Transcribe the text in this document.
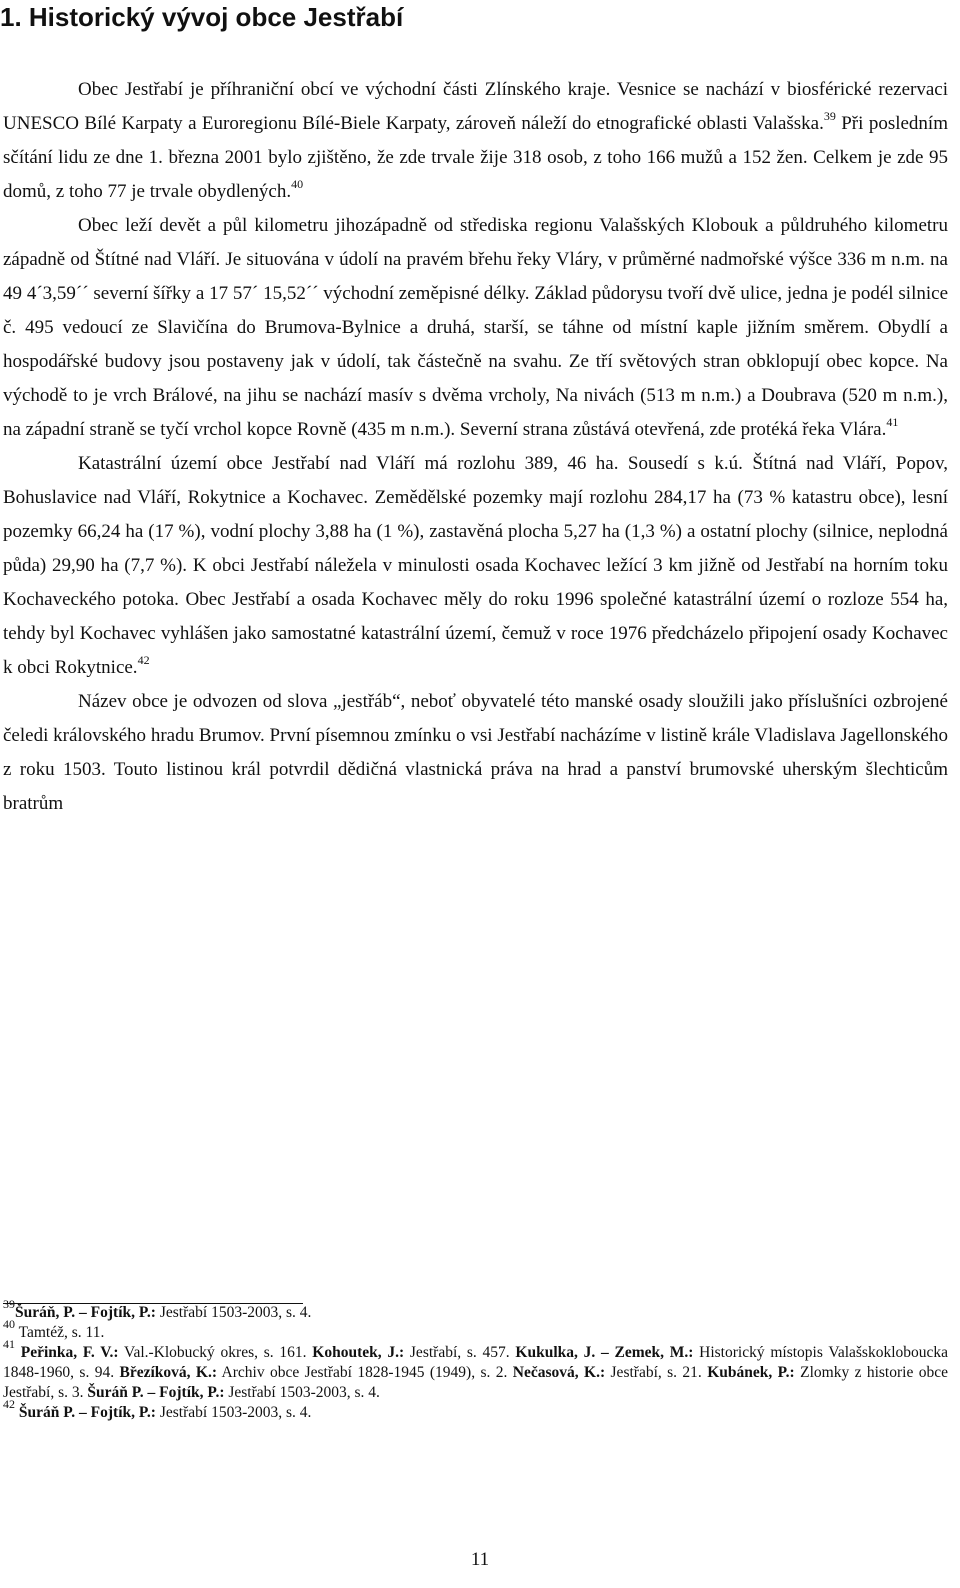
1. Historický vývoj obce Jestřabí

Obec Jestřabí je příhraniční obcí ve východní části Zlínského kraje. Vesnice se nachází v biosférické rezervaci UNESCO Bílé Karpaty a Euroregionu Bílé-Biele Karpaty, zároveň náleží do etnografické oblasti Valašska.$^{39}$ Při posledním sčítání lidu ze dne 1. března 2001 bylo zjištěno, že zde trvale žije 318 osob, z toho 166 mužů a 152 žen. Celkem je zde 95 domů, z toho 77 je trvale obydlených.$^{40}$

Obec leží devět a půl kilometru jihozápadně od střediska regionu Valašských Klobouk a půldruhého kilometru západně od Štítné nad Vláří. Je situována v údolí na pravém břehu řeky Vláry, v průměrné nadmořské výšce 336 m n.m. na 49 4´3,59´´ severní šířky a 17 57´ 15,52´´ východní zeměpisné délky. Základ půdorysu tvoří dvě ulice, jedna je podél silnice č. 495 vedoucí ze Slavičína do Brumova-Bylnice a druhá, starší, se táhne od místní kaple jižním směrem. Obydlí a hospodářské budovy jsou postaveny jak v údolí, tak částečně na svahu. Ze tří světových stran obklopují obec kopce. Na východě to je vrch Brálové, na jihu se nachází masív s dvěma vrcholy, Na nivách (513 m n.m.) a Doubrava (520 m n.m.), na západní straně se tyčí vrchol kopce Rovně (435 m n.m.). Severní strana zůstává otevřená, zde protéká řeka Vlára.$^{41}$

Katastrální území obce Jestřabí nad Vláří má rozlohu 389, 46 ha. Sousedí s k.ú. Štítná nad Vláří, Popov, Bohuslavice nad Vláří, Rokytnice a Kochavec. Zemědělské pozemky mají rozlohu 284,17 ha (73 % katastru obce), lesní pozemky 66,24 ha (17 %), vodní plochy 3,88 ha (1 %), zastavěná plocha 5,27 ha (1,3 %) a ostatní plochy (silnice, neplodná půda) 29,90 ha (7,7 %). K obci Jestřabí náležela v minulosti osada Kochavec ležící 3 km jižně od Jestřabí na horním toku Kochaveckého potoka. Obec Jestřabí a osada Kochavec měly do roku 1996 společné katastrální území o rozloze 554 ha, tehdy byl Kochavec vyhlášen jako samostatné katastrální území, čemuž v roce 1976 předcházelo připojení osady Kochavec k obci Rokytnice.$^{42}$

Název obce je odvozen od slova „jestřáb“, neboť obyvatelé této manské osady sloužili jako příslušníci ozbrojené čeledi královského hradu Brumov. První písemnou zmínku o vsi Jestřabí nacházíme v listině krále Vladislava Jagellonského z roku 1503. Touto listinou král potvrdil dědičná vlastnická práva na hrad a panství brumovské uherským šlechticům bratrům

$^{39}$Šuráň, P. – Fojtík, P.: Jestřabí 1503-2003, s. 4.

$^{40}$ Tamtéž, s. 11.

$^{41}$ Peřinka, F. V.: Val.-Klobucký okres, s. 161. Kohoutek, J.: Jestřabí, s. 457. Kukulka, J. – Zemek, M.: Historický místopis Valašskokloboucka 1848-1960, s. 94. Březíková, K.: Archiv obce Jestřabí 1828-1945 (1949), s. 2. Nečasová, K.: Jestřabí, s. 21. Kubánek, P.: Zlomky z historie obce Jestřabí, s. 3. Šuráň P. – Fojtík, P.: Jestřabí 1503-2003, s. 4.

$^{42}$ Šuráň P. – Fojtík, P.: Jestřabí 1503-2003, s. 4.

11
